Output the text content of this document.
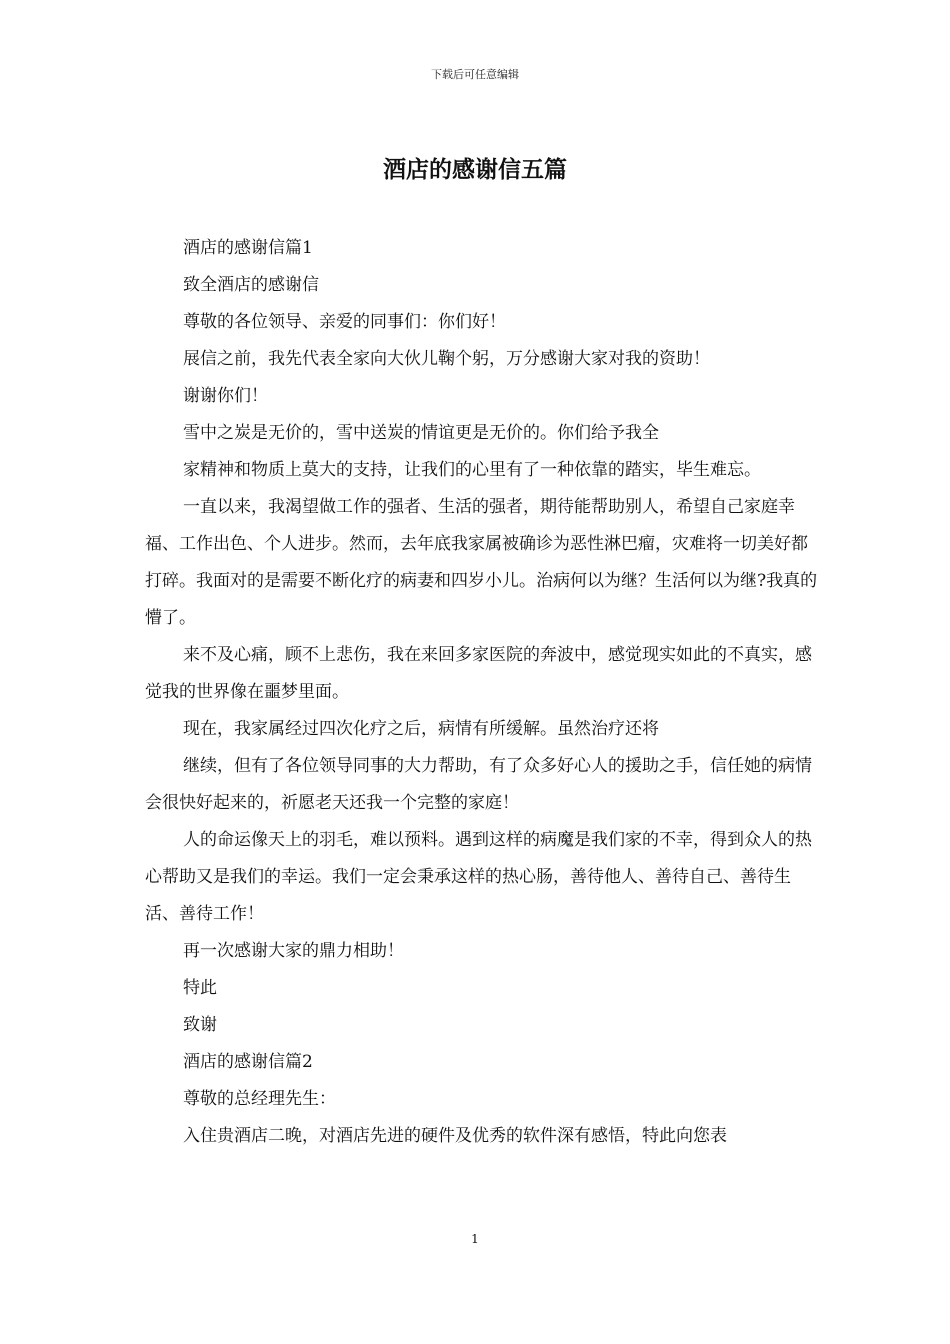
下载后可任意编辑
酒店的感谢信五篇

酒店的感谢信篇1

致全酒店的感谢信

尊敬的各位领导、亲爱的同事们：你们好！

展信之前，我先代表全家向大伙儿鞠个躬，万分感谢大家对我的资助！

谢谢你们！

雪中之炭是无价的，雪中送炭的情谊更是无价的。你们给予我全

家精神和物质上莫大的支持，让我们的心里有了一种依靠的踏实，毕生难忘。

一直以来，我渴望做工作的强者、生活的强者，期待能帮助别人，希望自己家庭幸福、工作出色、个人进步。然而，去年底我家属被确诊为恶性淋巴瘤，灾难将一切美好都打碎。我面对的是需要不断化疗的病妻和四岁小儿。治病何以为继？生活何以为继?我真的懵了。

来不及心痛，顾不上悲伤，我在来回多家医院的奔波中，感觉现实如此的不真实，感觉我的世界像在噩梦里面。

现在，我家属经过四次化疗之后，病情有所缓解。虽然治疗还将

继续，但有了各位领导同事的大力帮助，有了众多好心人的援助之手，信任她的病情会很快好起来的，祈愿老天还我一个完整的家庭！

人的命运像天上的羽毛，难以预料。遇到这样的病魔是我们家的不幸，得到众人的热心帮助又是我们的幸运。我们一定会秉承这样的热心肠，善待他人、善待自己、善待生活、善待工作！

再一次感谢大家的鼎力相助！

特此

致谢

酒店的感谢信篇2

尊敬的总经理先生：

入住贵酒店二晚，对酒店先进的硬件及优秀的软件深有感悟，特此向您表

1
